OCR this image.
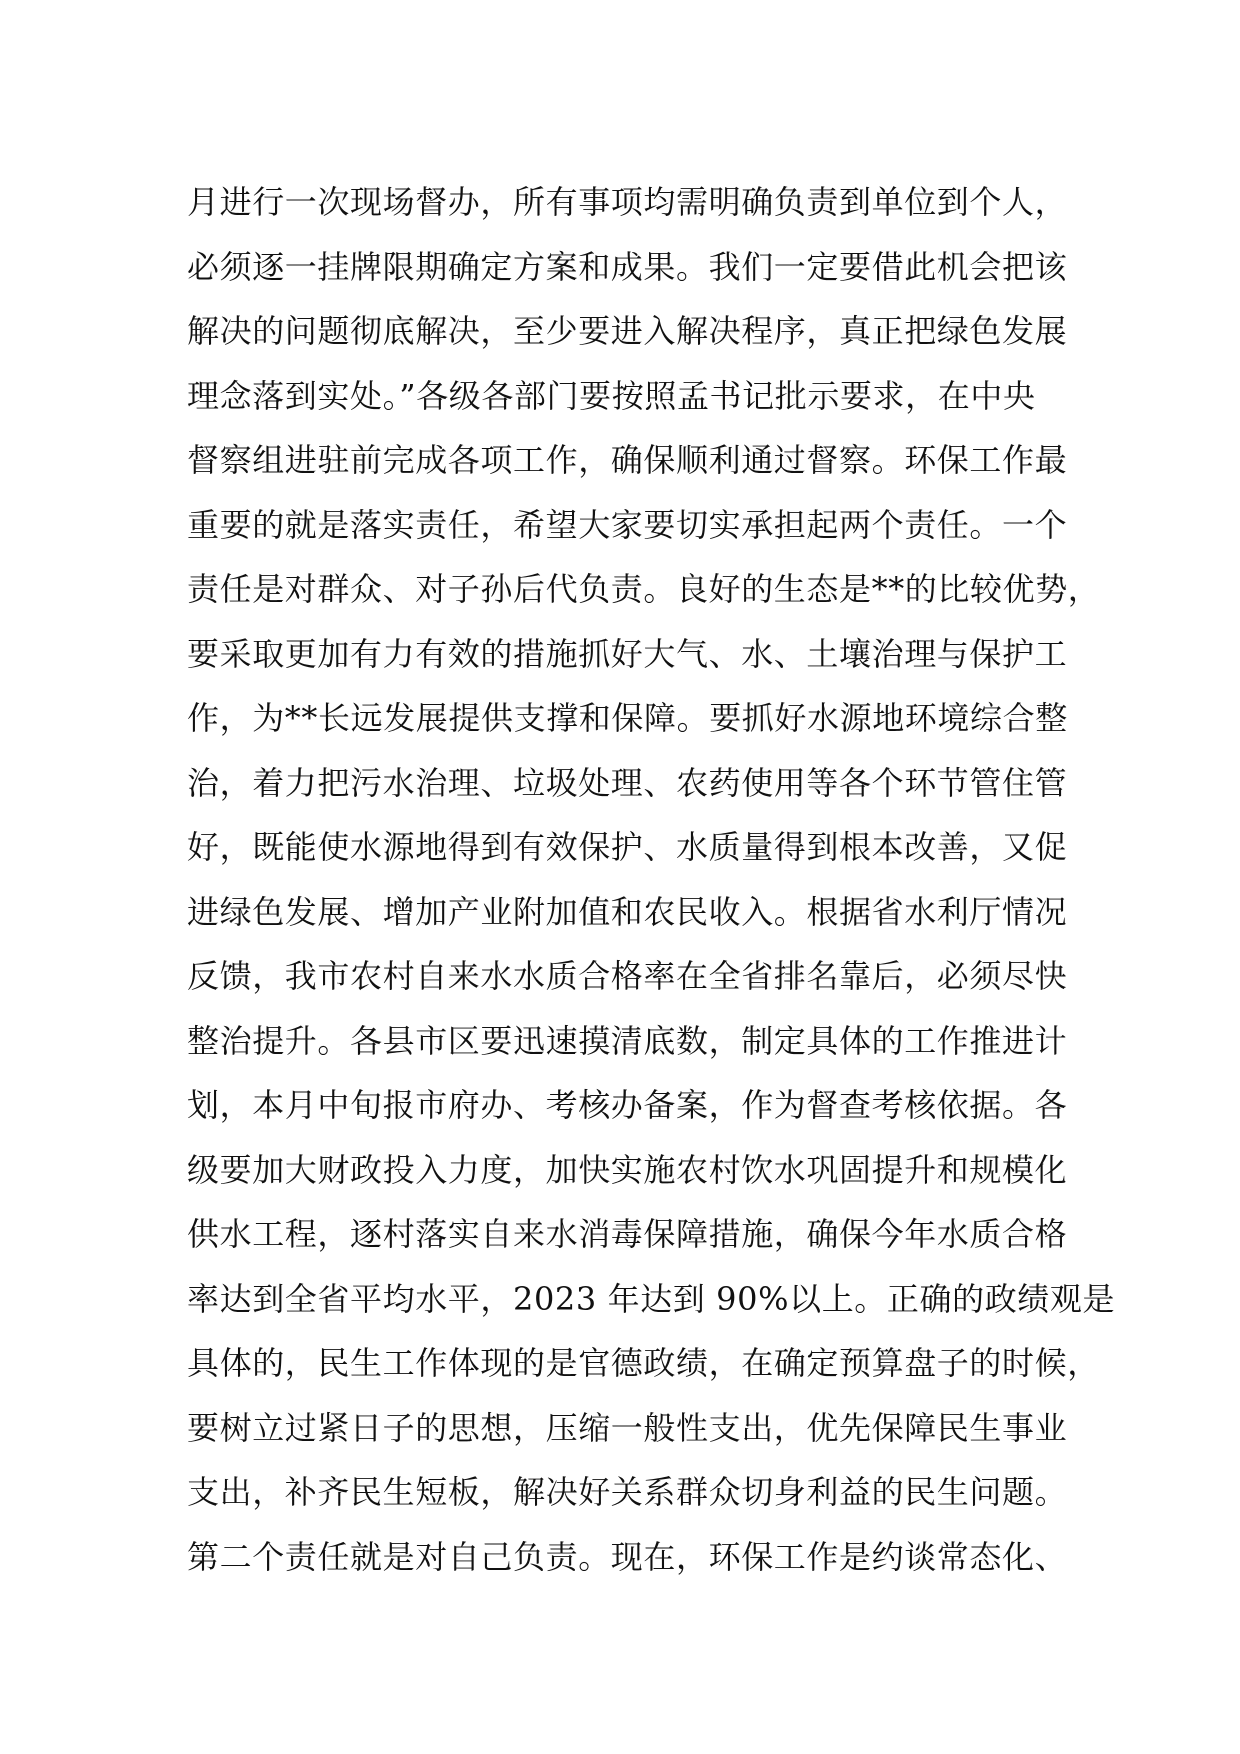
月进行一次现场督办，所有事项均需明确负责到单位到个人，
必须逐一挂牌限期确定方案和成果。我们一定要借此机会把该
解决的问题彻底解决，至少要进入解决程序，真正把绿色发展
理念落到实处。”各级各部门要按照孟书记批示要求，在中央
督察组进驻前完成各项工作，确保顺利通过督察。环保工作最
重要的就是落实责任，希望大家要切实承担起两个责任。一个
责任是对群众、对子孙后代负责。良好的生态是**的比较优势，
要采取更加有力有效的措施抓好大气、水、土壤治理与保护工
作，为**长远发展提供支撑和保障。要抓好水源地环境综合整
治，着力把污水治理、垃圾处理、农药使用等各个环节管住管
好，既能使水源地得到有效保护、水质量得到根本改善，又促
进绿色发展、增加产业附加值和农民收入。根据省水利厅情况
反馈，我市农村自来水水质合格率在全省排名靠后，必须尽快
整治提升。各县市区要迅速摸清底数，制定具体的工作推进计
划，本月中旬报市府办、考核办备案，作为督查考核依据。各
级要加大财政投入力度，加快实施农村饮水巩固提升和规模化
供水工程，逐村落实自来水消毒保障措施，确保今年水质合格
率达到全省平均水平，2023 年达到 90%以上。正确的政绩观是
具体的，民生工作体现的是官德政绩，在确定预算盘子的时候，
要树立过紧日子的思想，压缩一般性支出，优先保障民生事业
支出，补齐民生短板，解决好关系群众切身利益的民生问题。
第二个责任就是对自己负责。现在，环保工作是约谈常态化、
